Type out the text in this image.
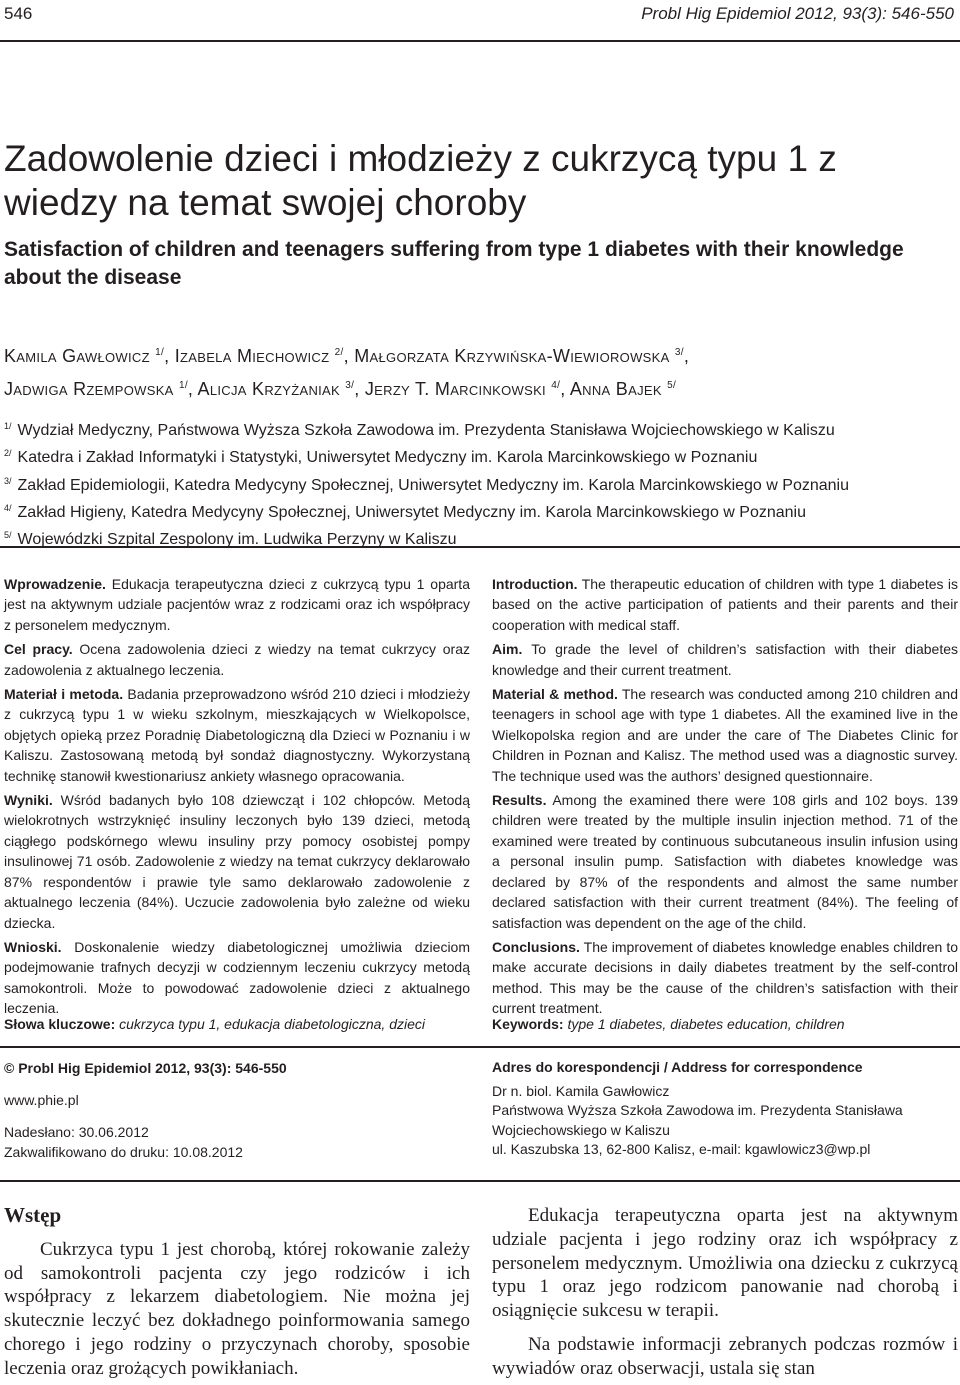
546	Probl Hig Epidemiol 2012, 93(3): 546-550
Zadowolenie dzieci i młodzieży z cukrzycą typu 1 z wiedzy na temat swojej choroby
Satisfaction of children and teenagers suffering from type 1 diabetes with their knowledge about the disease
Kamila Gawłowicz $^{1/}$, Izabela Miechowicz $^{2/}$, Małgorzata Krzywińska-Wiewiorowska $^{3/}$,
Jadwiga Rzempowska $^{1/}$, Alicja Krzyżaniak $^{3/}$, Jerzy T. Marcinkowski $^{4/}$, Anna Bajek $^{5/}$
$^{1/}$ Wydział Medyczny, Państwowa Wyższa Szkoła Zawodowa im. Prezydenta Stanisława Wojciechowskiego w Kaliszu
$^{2/}$ Katedra i Zakład Informatyki i Statystyki, Uniwersytet Medyczny im. Karola Marcinkowskiego w Poznaniu
$^{3/}$ Zakład Epidemiologii, Katedra Medycyny Społecznej, Uniwersytet Medyczny im. Karola Marcinkowskiego w Poznaniu
$^{4/}$ Zakład Higieny, Katedra Medycyny Społecznej, Uniwersytet Medyczny im. Karola Marcinkowskiego w Poznaniu
$^{5/}$ Wojewódzki Szpital Zespolony im. Ludwika Perzyny w Kaliszu

Wprowadzenie. Edukacja terapeutyczna dzieci z cukrzycą typu 1 oparta jest na aktywnym udziale pacjentów wraz z rodzicami oraz ich współpracy z personelem medycznym.

Cel pracy. Ocena zadowolenia dzieci z wiedzy na temat cukrzycy oraz zadowolenia z aktualnego leczenia.

Materiał i metoda. Badania przeprowadzono wśród 210 dzieci i młodzieży z cukrzycą typu 1 w wieku szkolnym, mieszkających w Wielkopolsce, objętych opieką przez Poradnię Diabetologiczną dla Dzieci w Poznaniu i w Kaliszu. Zastosowaną metodą był sondaż diagnostyczny. Wykorzystaną technikę stanowił kwestionariusz ankiety własnego opracowania.

Wyniki. Wśród badanych było 108 dziewcząt i 102 chłopców. Metodą wielokrotnych wstrzyknięć insuliny leczonych było 139 dzieci, metodą ciągłego podskórnego wlewu insuliny przy pomocy osobistej pompy insulinowej 71 osób. Zadowolenie z wiedzy na temat cukrzycy deklarowało 87% respondentów i prawie tyle samo deklarowało zadowolenie z aktualnego leczenia (84%). Uczucie zadowolenia było zależne od wieku dziecka.

Wnioski. Doskonalenie wiedzy diabetologicznej umożliwia dzieciom podejmowanie trafnych decyzji w codziennym leczeniu cukrzycy metodą samokontroli. Może to powodować zadowolenie dzieci z aktualnego leczenia.

Introduction. The therapeutic education of children with type 1 diabetes is based on the active participation of patients and their parents and their cooperation with medical staff.

Aim. To grade the level of children’s satisfaction with their diabetes knowledge and their current treatment.

Material & method. The research was conducted among 210 children and teenagers in school age with type 1 diabetes. All the examined live in the Wielkopolska region and are under the care of The Diabetes Clinic for Children in Poznan and Kalisz. The method used was a diagnostic survey. The technique used was the authors’ designed questionnaire.

Results. Among the examined there were 108 girls and 102 boys. 139 children were treated by the multiple insulin injection method. 71 of the examined were treated by continuous subcutaneous insulin infusion using a personal insulin pump. Satisfaction with diabetes knowledge was declared by 87% of the respondents and almost the same number declared satisfaction with their current treatment (84%). The feeling of satisfaction was dependent on the age of the child.

Conclusions. The improvement of diabetes knowledge enables children to make accurate decisions in daily diabetes treatment by the self-control method. This may be the cause of the children’s satisfaction with their current treatment.

Słowa kluczowe: cukrzyca typu 1, edukacja diabetologiczna, dzieci	Keywords: type 1 diabetes, diabetes education, children
© Probl Hig Epidemiol 2012, 93(3): 546-550
www.phie.pl
Nadesłano: 30.06.2012
Zakwalifikowano do druku: 10.08.2012
Adres do korespondencji / Address for correspondence
Dr n. biol. Kamila Gawłowicz
Państwowa Wyższa Szkoła Zawodowa im. Prezydenta Stanisława Wojciechowskiego w Kaliszu
ul. Kaszubska 13, 62-800 Kalisz, e-mail: kgawlowicz3@wp.pl
Wstęp

Cukrzyca typu 1 jest chorobą, której rokowanie zależy od samokontroli pacjenta czy jego rodziców i ich współpracy z lekarzem diabetologiem. Nie można jej skutecznie leczyć bez dokładnego poinformowania samego chorego i jego rodziny o przyczynach choroby, sposobie leczenia oraz grożących powikłaniach.

Edukacja terapeutyczna oparta jest na aktywnym udziale pacjenta i jego rodziny oraz ich współpracy z personelem medycznym. Umożliwia ona dziecku z cukrzycą typu 1 oraz jego rodzicom panowanie nad chorobą i osiągnięcie sukcesu w terapii.

Na podstawie informacji zebranych podczas rozmów i wywiadów oraz obserwacji, ustala się stan
